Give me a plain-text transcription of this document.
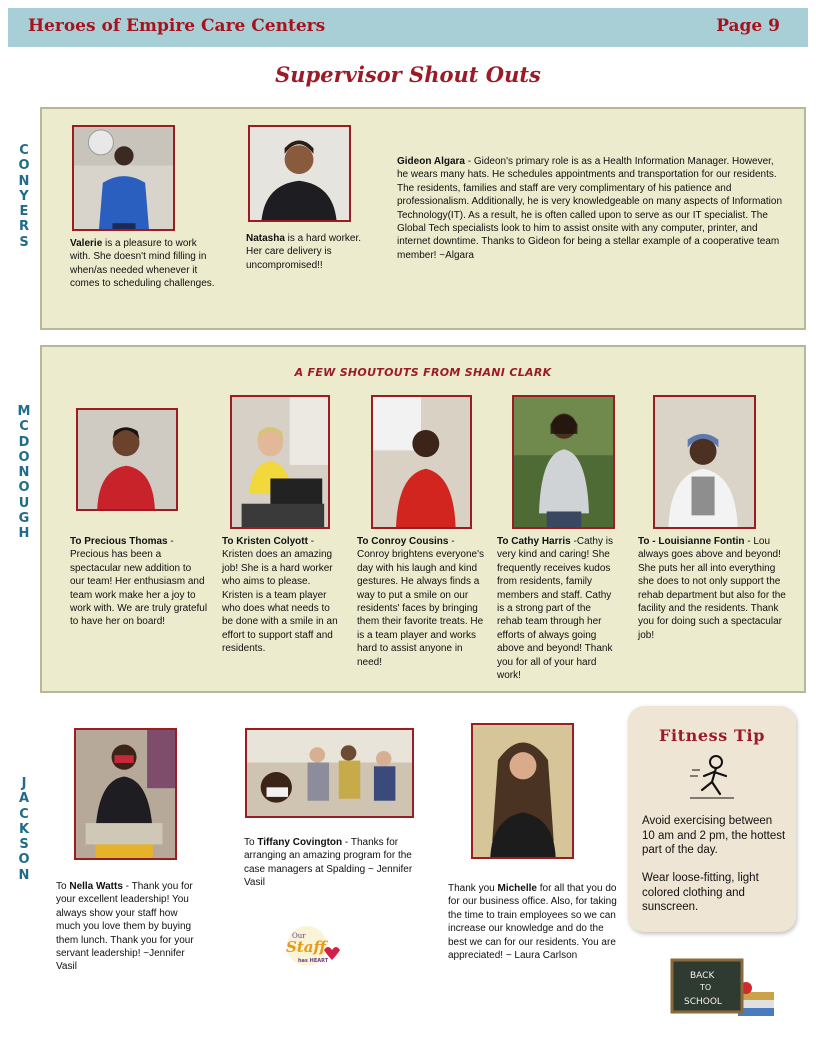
Heroes of Empire Care Centers	Page 9
Supervisor Shout Outs
C
O
N
Y
E
R
S	Valerie is a pleasure to work with. She doesn't mind filling in when/as needed whenever it comes to scheduling challenges.
Natasha is a hard worker. Her care delivery is uncompromised!!
Gideon Algara - Gideon's primary role is as a Health Information Manager. However, he wears many hats. He schedules appointments and transportation for our residents. The residents, families and staff are very complimentary of his patience and professionalism. Additionally, he is very knowledgeable on many aspects of Information Technology(IT). As a result, he is often called upon to serve as our IT specialist. The Global Tech specialists look to him to assist onsite with any computer, printer, and internet downtime. Thanks to Gideon for being a stellar example of a cooperative team member! ~Algara
M
C
D
O
N
O
U
G
H
A FEW SHOUTOUTS FROM SHANI CLARK
To Precious Thomas - Precious has been a spectacular new addition to our team! Her enthusiasm and team work make her a joy to work with. We are truly grateful to have her on board!
To Kristen Colyott - Kristen does an amazing job! She is a hard worker who aims to please. Kristen is a team player who does what needs to be done with a smile in an effort to support staff and residents.
To Conroy Cousins - Conroy brightens everyone's day with his laugh and kind gestures. He always finds a way to put a smile on our residents' faces by bringing them their favorite treats. He is a team player and works hard to assist anyone in need!
To Cathy Harris -Cathy is very kind and caring! She frequently receives kudos from residents, family members and staff. Cathy is a strong part of the rehab team through her efforts of always going above and beyond! Thank you for all of your hard work!
To - Louisianne Fontin - Lou always goes above and beyond! She puts her all into everything she does to not only support the rehab department but also for the facility and the residents. Thank you for doing such a spectacular job!
J
A
C
K
S
O
N
To Nella Watts - Thank you for your excellent leadership! You always show your staff how much you love them by buying them lunch. Thank you for your servant leadership! ~Jennifer Vasil
To Tiffany Covington - Thanks for arranging an amazing program for the case managers at Spalding ~ Jennifer Vasil
Our
Staff
has HEART
Thank you Michelle for all that you do for our business office. Also, for taking the time to train employees so we can increase our knowledge and do the best we can for our residents. You are appreciated! ~ Laura Carlson
Fitness Tip
Avoid exercising between 10 am and 2 pm, the hottest part of the day.
Wear loose-fitting, light colored clothing and sunscreen.
BACK
TO
SCHOOL
